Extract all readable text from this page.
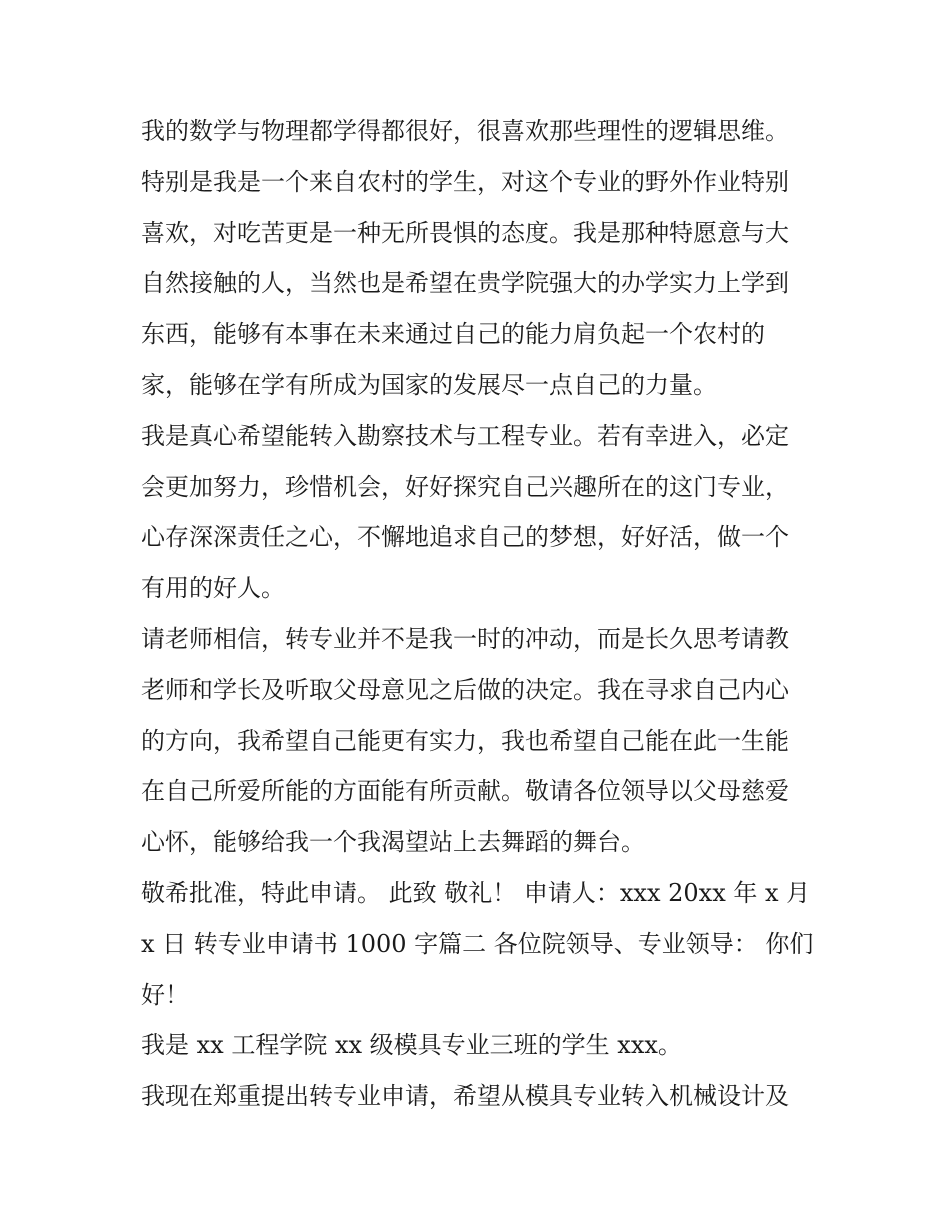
我的数学与物理都学得都很好，很喜欢那些理性的逻辑思维。
特别是我是一个来自农村的学生，对这个专业的野外作业特别
喜欢，对吃苦更是一种无所畏惧的态度。我是那种特愿意与大
自然接触的人，当然也是希望在贵学院强大的办学实力上学到
东西，能够有本事在未来通过自己的能力肩负起一个农村的
家，能够在学有所成为国家的发展尽一点自己的力量。
我是真心希望能转入勘察技术与工程专业。若有幸进入，必定
会更加努力，珍惜机会，好好探究自己兴趣所在的这门专业，
心存深深责任之心，不懈地追求自己的梦想，好好活，做一个
有用的好人。
请老师相信，转专业并不是我一时的冲动，而是长久思考请教
老师和学长及听取父母意见之后做的决定。我在寻求自己内心
的方向，我希望自己能更有实力，我也希望自己能在此一生能
在自己所爱所能的方面能有所贡献。敬请各位领导以父母慈爱
心怀，能够给我一个我渴望站上去舞蹈的舞台。
敬希批准，特此申请。 此致 敬礼！ 申请人：xxx 20xx 年 x 月
x 日 转专业申请书 1000 字篇二 各位院领导、专业领导： 你们
好！
我是 xx 工程学院 xx 级模具专业三班的学生 xxx。
我现在郑重提出转专业申请，希望从模具专业转入机械设计及
